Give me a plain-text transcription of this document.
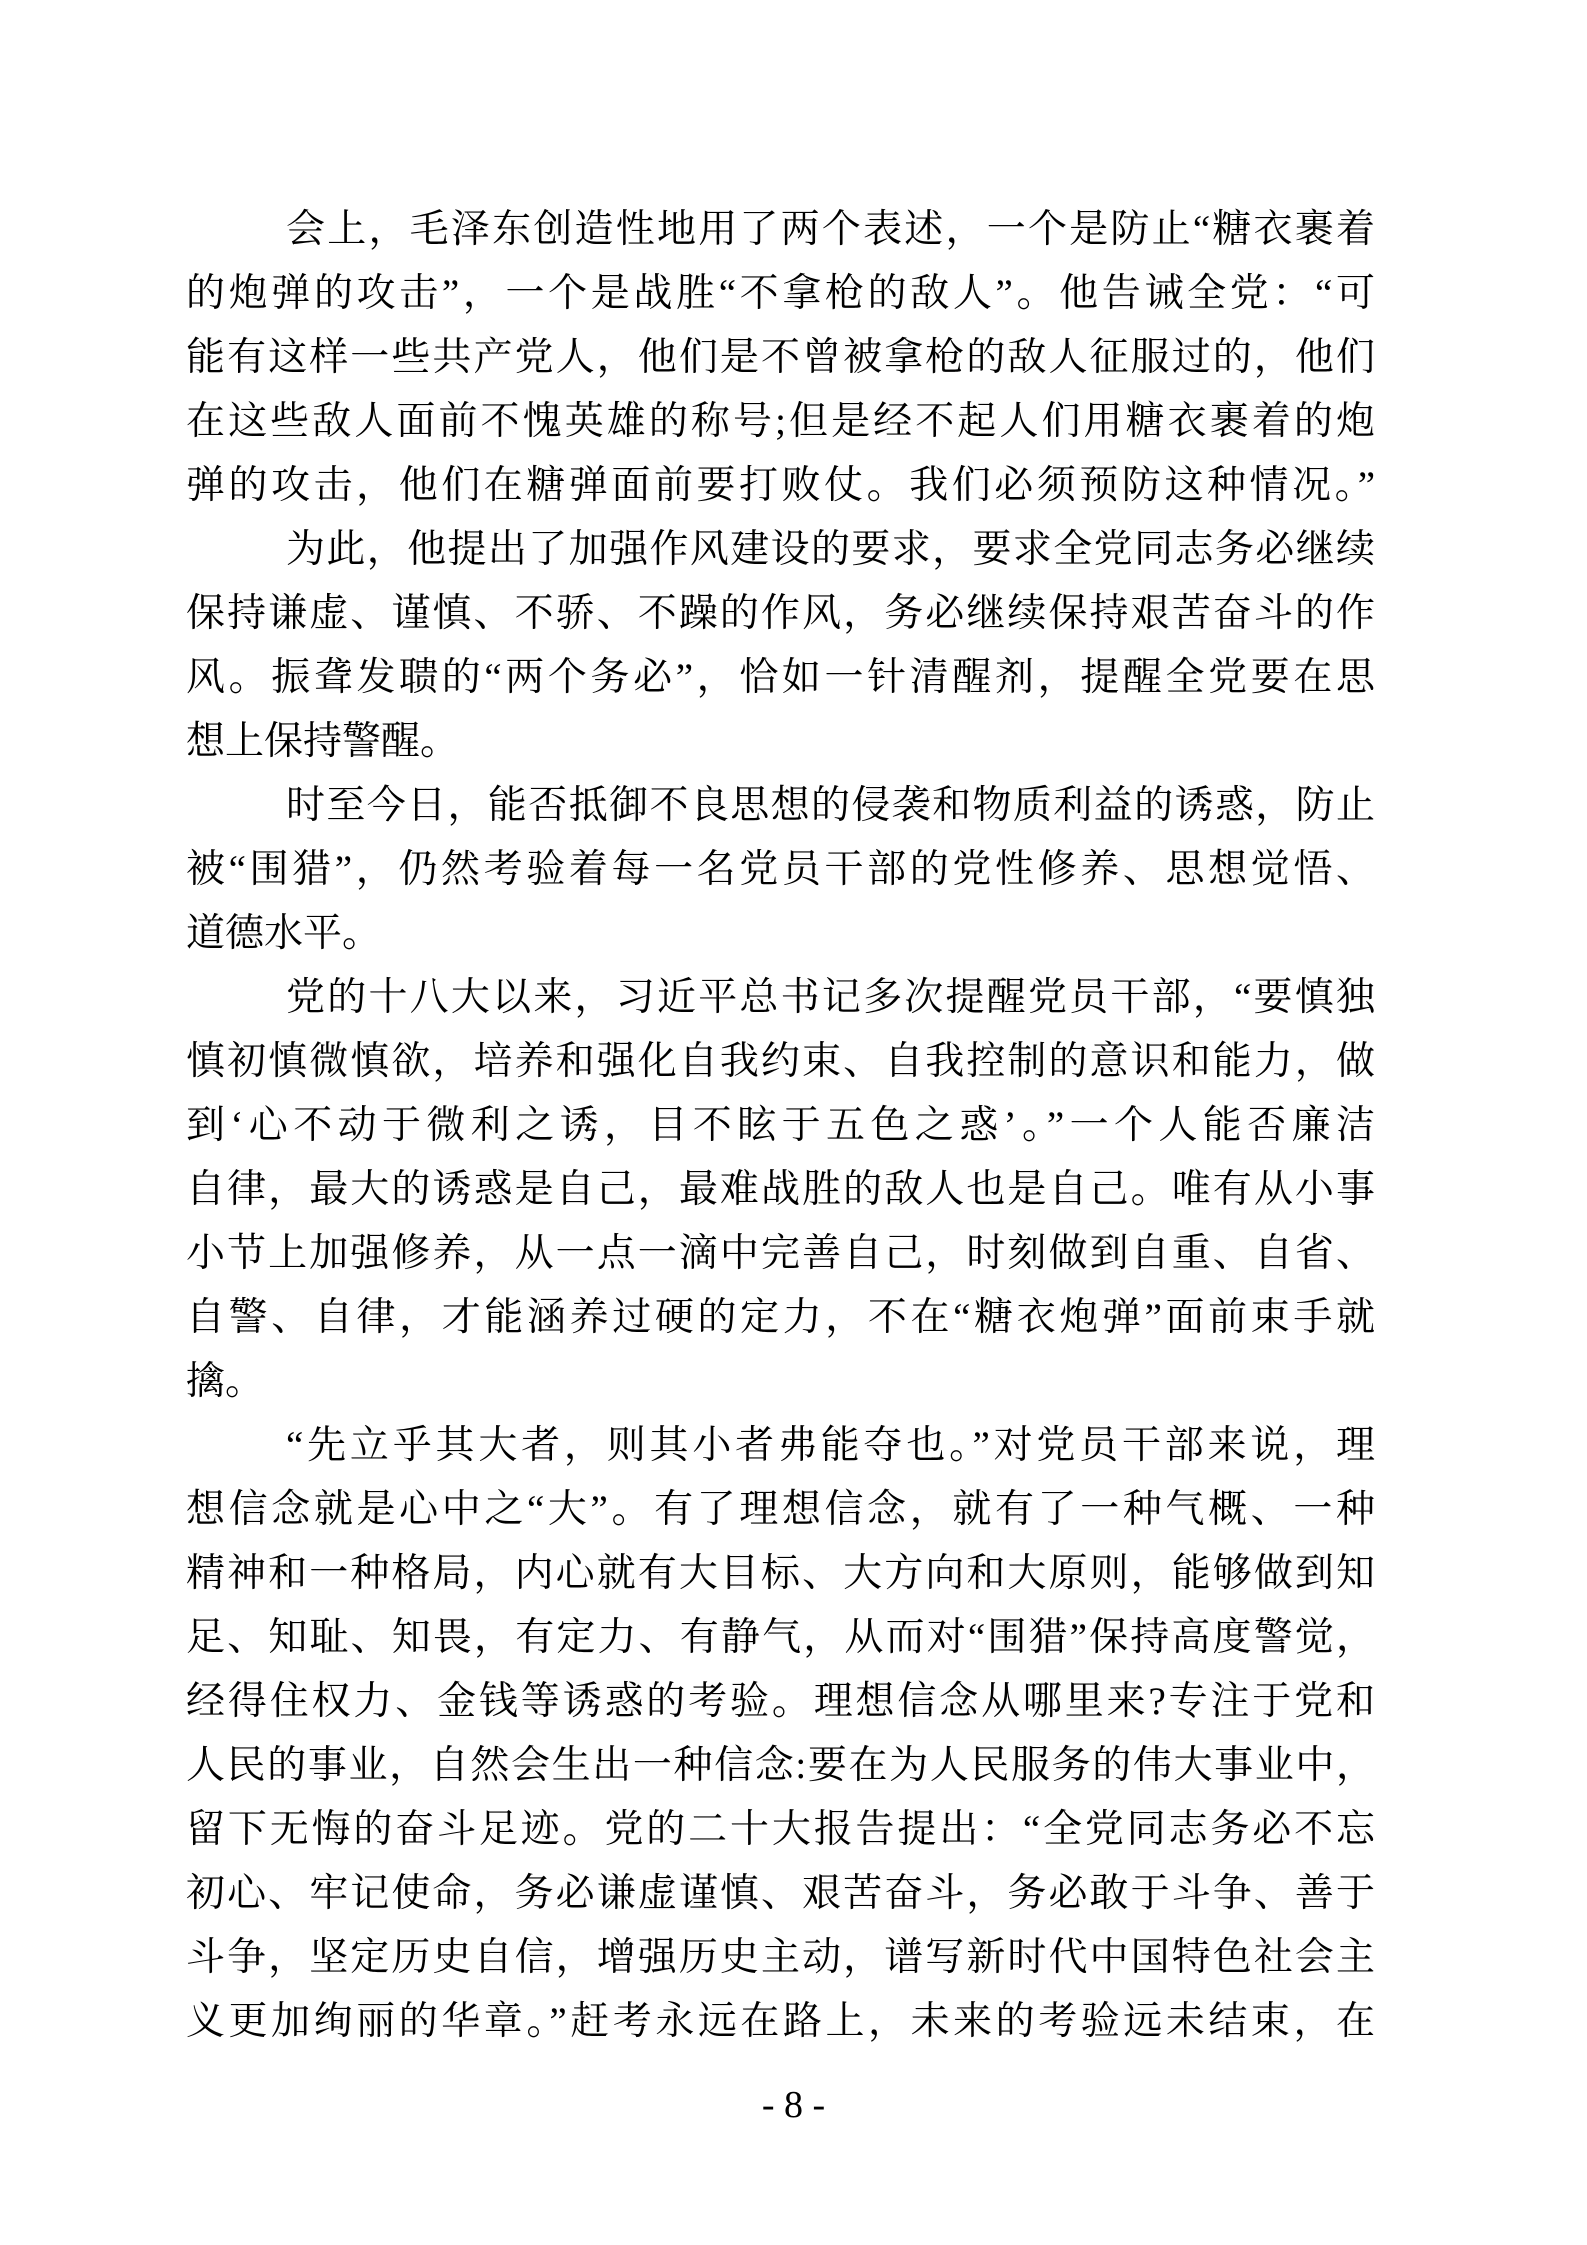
会上，毛泽东创造性地用了两个表述，一个是防止“糖衣裹着
的炮弹的攻击”，一个是战胜“不拿枪的敌人”。他告诫全党：“可
能有这样一些共产党人，他们是不曾被拿枪的敌人征服过的，他们
在这些敌人面前不愧英雄的称号;但是经不起人们用糖衣裹着的炮
弹的攻击，他们在糖弹面前要打败仗。我们必须预防这种情况。”
为此，他提出了加强作风建设的要求，要求全党同志务必继续
保持谦虚、谨慎、不骄、不躁的作风，务必继续保持艰苦奋斗的作
风。振聋发聩的“两个务必”，恰如一针清醒剂，提醒全党要在思
想上保持警醒。
时至今日，能否抵御不良思想的侵袭和物质利益的诱惑，防止
被“围猎”，仍然考验着每一名党员干部的党性修养、思想觉悟、
道德水平。
党的十八大以来，习近平总书记多次提醒党员干部，“要慎独
慎初慎微慎欲，培养和强化自我约束、自我控制的意识和能力，做
到‘心不动于微利之诱，目不眩于五色之惑’。”一个人能否廉洁
自律，最大的诱惑是自己，最难战胜的敌人也是自己。唯有从小事
小节上加强修养，从一点一滴中完善自己，时刻做到自重、自省、
自警、自律，才能涵养过硬的定力，不在“糖衣炮弹”面前束手就
擒。
“先立乎其大者，则其小者弗能夺也。”对党员干部来说，理
想信念就是心中之“大”。有了理想信念，就有了一种气概、一种
精神和一种格局，内心就有大目标、大方向和大原则，能够做到知
足、知耻、知畏，有定力、有静气，从而对“围猎”保持高度警觉，
经得住权力、金钱等诱惑的考验。理想信念从哪里来?专注于党和
人民的事业，自然会生出一种信念:要在为人民服务的伟大事业中，
留下无悔的奋斗足迹。党的二十大报告提出：“全党同志务必不忘
初心、牢记使命，务必谦虚谨慎、艰苦奋斗，务必敢于斗争、善于
斗争，坚定历史自信，增强历史主动，谱写新时代中国特色社会主
义更加绚丽的华章。”赶考永远在路上，未来的考验远未结束，在
- 8 -
